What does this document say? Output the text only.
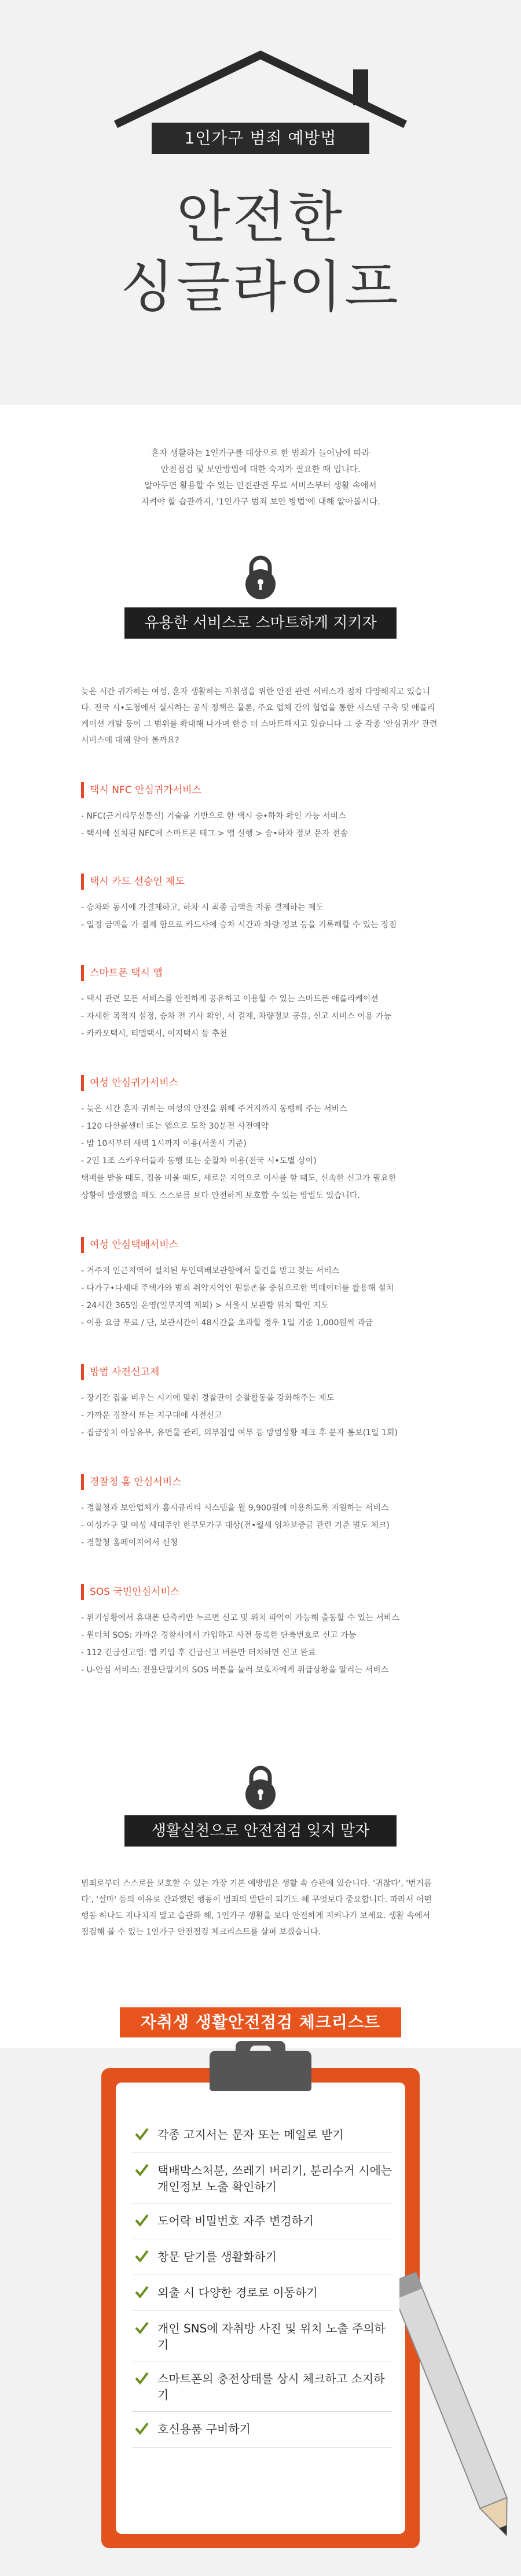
1인가구 범죄 예방법
안전한
싱글라이프
혼자 생활하는 1인가구를 대상으로 한 범죄가 늘어남에 따라
안전점검 및 보안방법에 대한 숙지가 필요한 때 입니다.
알아두면 활용할 수 있는 안전관련 무료 서비스부터 생활 속에서
지켜야 할 습관까지, '1인가구 범죄 보안 방법'에 대해 알아봅시다.
유용한 서비스로 스마트하게 지키자
늦은 시간 귀가하는 여성, 혼자 생활하는 자취생을 위한 안전 관련 서비스가 점차 다양해지고 있습니다. 전국 시•도청에서 실시하는 공식 정책은 물론, 주요 업체 간의 협업을 통한 시스템 구축 및 애플리케이션 개발 등이 그 범위를 확대해 나가며 한층 더 스마트해지고 있습니다 그 중 각종 '안심귀가' 관련 서비스에 대해 알아 볼까요?
택시 NFC 안심귀가서비스
- NFC(근거리무선통신) 기술을 기반으로 한 택시 승•하차 확인 가능 서비스
- 택시에 설치된 NFC에 스마트폰 태그 > 앱 실행 > 승•하차 정보 문자 전송
택시 카드 선승인 제도
- 승차와 동시에 가결제하고, 하차 시 최종 금액을 자동 결제하는 제도
- 일정 금액을 가 결제 함으로 카드사에 승차 시간과 차량 정보 등을 기록해할 수 있는 장점
스마트폰 택시 앱
- 택시 관련 모든 서비스를 안전하게 공유하고 이용할 수 있는 스마트폰 애플리케이션
- 자세한 목적지 설정, 승차 전 기사 확인, 서 결제, 차량정보 공유, 신고 서비스 이용 가능
- 카카오택시, 티맵택시, 이지택시 등 추천
여성 안심귀가서비스
- 늦은 시간 혼자 귀하는 여성의 안전을 위해 주거지까지 동행해 주는 서비스
- 120 다산콜센터 또는 앱으로 도착 30분전 사전예약
- 밤 10시부터 새벽 1시까지 이용(서울시 기준)
- 2인 1조 스카우터들과 동행 또는 순찰차 이용(전국 시•도별 상이)
택배를 받을 때도, 집을 비울 때도, 새로운 지역으로 이사를 할 때도, 신속한 신고가 필요한
상황이 발생했을 때도 스스로를 보다 안전하게 보호할 수 있는 방법도 있습니다.
여성 안심택배서비스
- 거주지 인근지역에 설치된 무인택배보관함에서 물건을 받고 찾는 서비스
- 다가구•다세대 주택가와 범죄 취약지역인 원룸촌을 중심으로한 빅데이터를 활용해 설치
- 24시간 365일 운영(일부지역 제외) > 서울시 보관함 위치 확인 지도
- 이용 요금 무료 / 단, 보관시간이 48시간을 초과할 경우 1일 기준 1,000원씩 과금
방범 사전신고제
- 장기간 집을 비우는 시기에 맞춰 경찰관이 순찰활동을 강화해주는 제도
- 가까운 경찰서 또는 지구대에 사전신고
- 집금장치 이상유무, 유면물 관리, 외부침입 여부 등 방범상황 체크 후 문자 통보(1일 1회)
경찰청 홈 안심서비스
- 경찰청과 보안업체가 홈시큐리티 시스템을 월 9,900원에 이용하도록 지원하는 서비스
- 여성가구 및 여성 세대주인 한부모가구 대상(전•월세 임차보증금 관련 기준 별도 체크)
- 경찰청 홈페이지에서 신청
SOS 국민안심서비스
- 위기상황에서 휴대폰 단축키만 누르면 신고 및 위치 파악이 가능해 출동할 수 있는 서비스
- 원터치 SOS: 가까운 경찰서에서 가입하고 사전 등록한 단축번호로 신고 가능
- 112 긴급신고앱: 앱 키입 후 긴급신고 버튼만 터치하면 신고 완료
- U-안심 서비스: 전용단말기의 SOS 버튼을 눌러 보호자에게 위급상황을 알리는 서비스
생활실천으로 안전점검 잊지 말자
범죄로부터 스스로를 보호할 수 있는 가장 기본 예방법은 생활 속 습관에 있습니다. '귀찮다', '번거롭다', '설마' 등의 이유로 간과했던 행동이 범죄의 발단이 되기도 해 무엇보다 중요합니다. 따라서 어떤 행동 하나도 지나치지 말고 습관화 해, 1인가구 생활을 보다 안전하게 지켜나가 보세요. 생활 속에서 점검해 볼 수 있는 1인가구 안전점검 체크리스트를 살펴 보겠습니다.
자취생 생활안전점검 체크리스트
각종 고지서는 문자 또는 메일로 받기
택배박스처분, 쓰레기 버리기, 분리수거 시에는 개인정보 노출 확인하기
도어락 비밀번호 자주 변경하기
창문 닫기를 생활화하기
외출 시 다양한 경로로 이동하기
개인 SNS에 자취방 사진 및 위치 노출 주의하기
스마트폰의 충전상태를 상시 체크하고 소지하기
호신용품 구비하기
